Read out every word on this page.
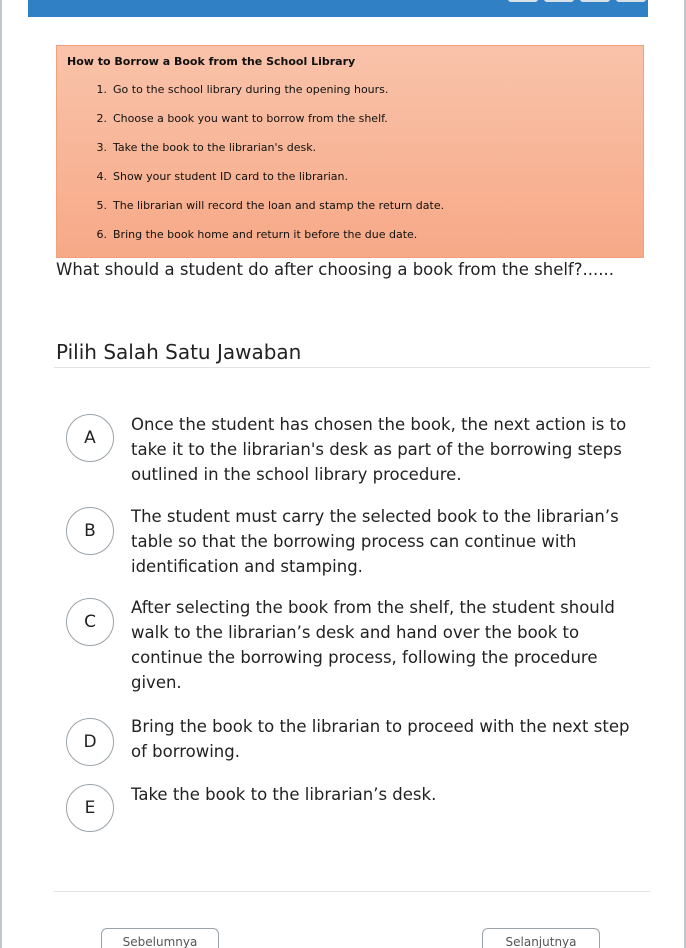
How to Borrow a Book from the School Library
1. Go to the school library during the opening hours.
2. Choose a book you want to borrow from the shelf.
3. Take the book to the librarian's desk.
4. Show your student ID card to the librarian.
5. The librarian will record the loan and stamp the return date.
6. Bring the book home and return it before the due date.
What should a student do after choosing a book from the shelf?......
Pilih Salah Satu Jawaban
A
Once the student has chosen the book, the next action is to take it to the librarian's desk as part of the borrowing steps outlined in the school library procedure.
B
The student must carry the selected book to the librarian’s table so that the borrowing process can continue with identification and stamping.
C
After selecting the book from the shelf, the student should walk to the librarian’s desk and hand over the book to continue the borrowing process, following the procedure given.
D
Bring the book to the librarian to proceed with the next step of borrowing.
E
Take the book to the librarian’s desk.
Sebelumnya	Selanjutnya
